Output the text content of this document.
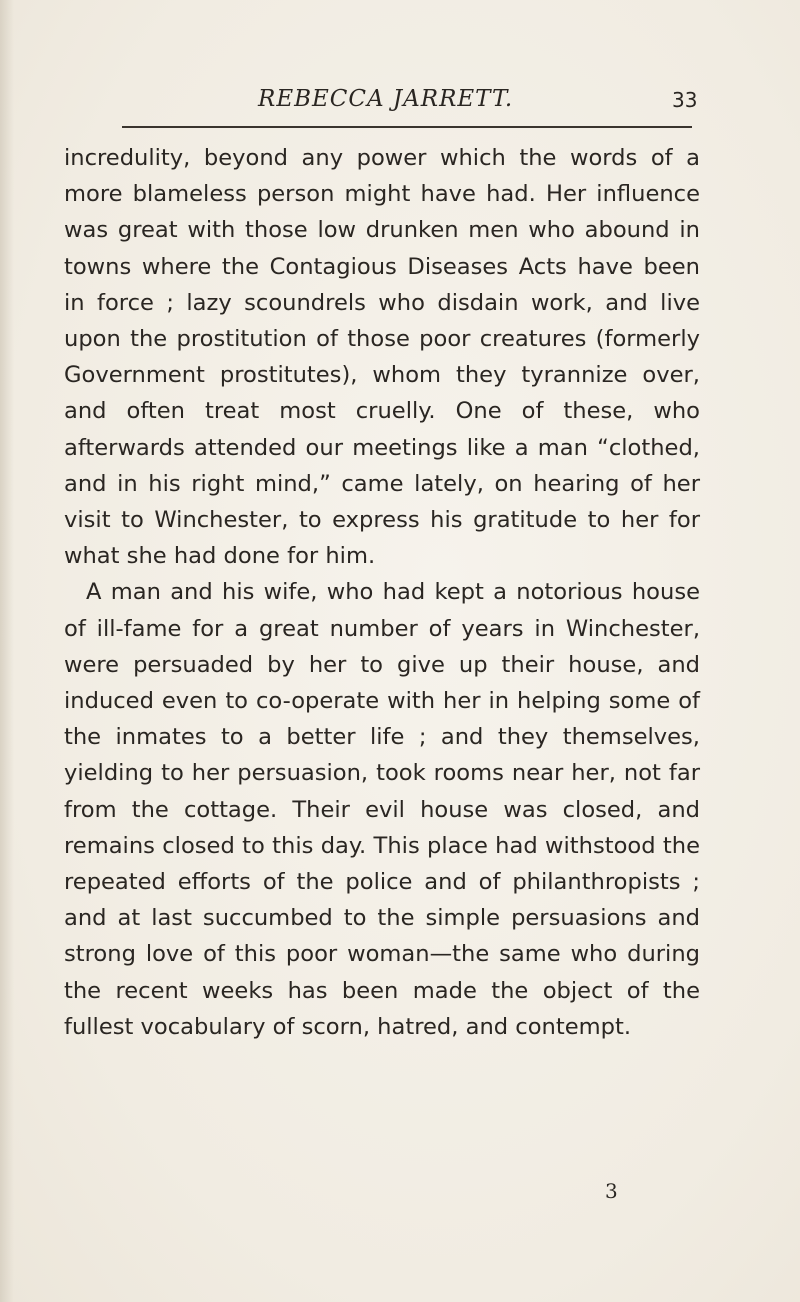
REBECCA JARRETT.	33

incredulity, beyond any power which the words of a more blameless person might have had. Her influence was great with those low drunken men who abound in towns where the Contagious Diseases Acts have been in force ; lazy scoundrels who disdain work, and live upon the prostitution of those poor creatures (formerly Government prostitutes), whom they tyrannize over, and often treat most cruelly. One of these, who afterwards attended our meetings like a man “clothed, and in his right mind,” came lately, on hearing of her visit to Winchester, to express his gratitude to her for what she had done for him.

A man and his wife, who had kept a notorious house of ill-fame for a great number of years in Winchester, were persuaded by her to give up their house, and induced even to co-operate with her in helping some of the inmates to a better life ; and they themselves, yielding to her persuasion, took rooms near her, not far from the cottage. Their evil house was closed, and remains closed to this day. This place had withstood the repeated efforts of the police and of philanthropists ; and at last succumbed to the simple persuasions and strong love of this poor woman—the same who during the recent weeks has been made the object of the fullest vocabulary of scorn, hatred, and contempt.

3
